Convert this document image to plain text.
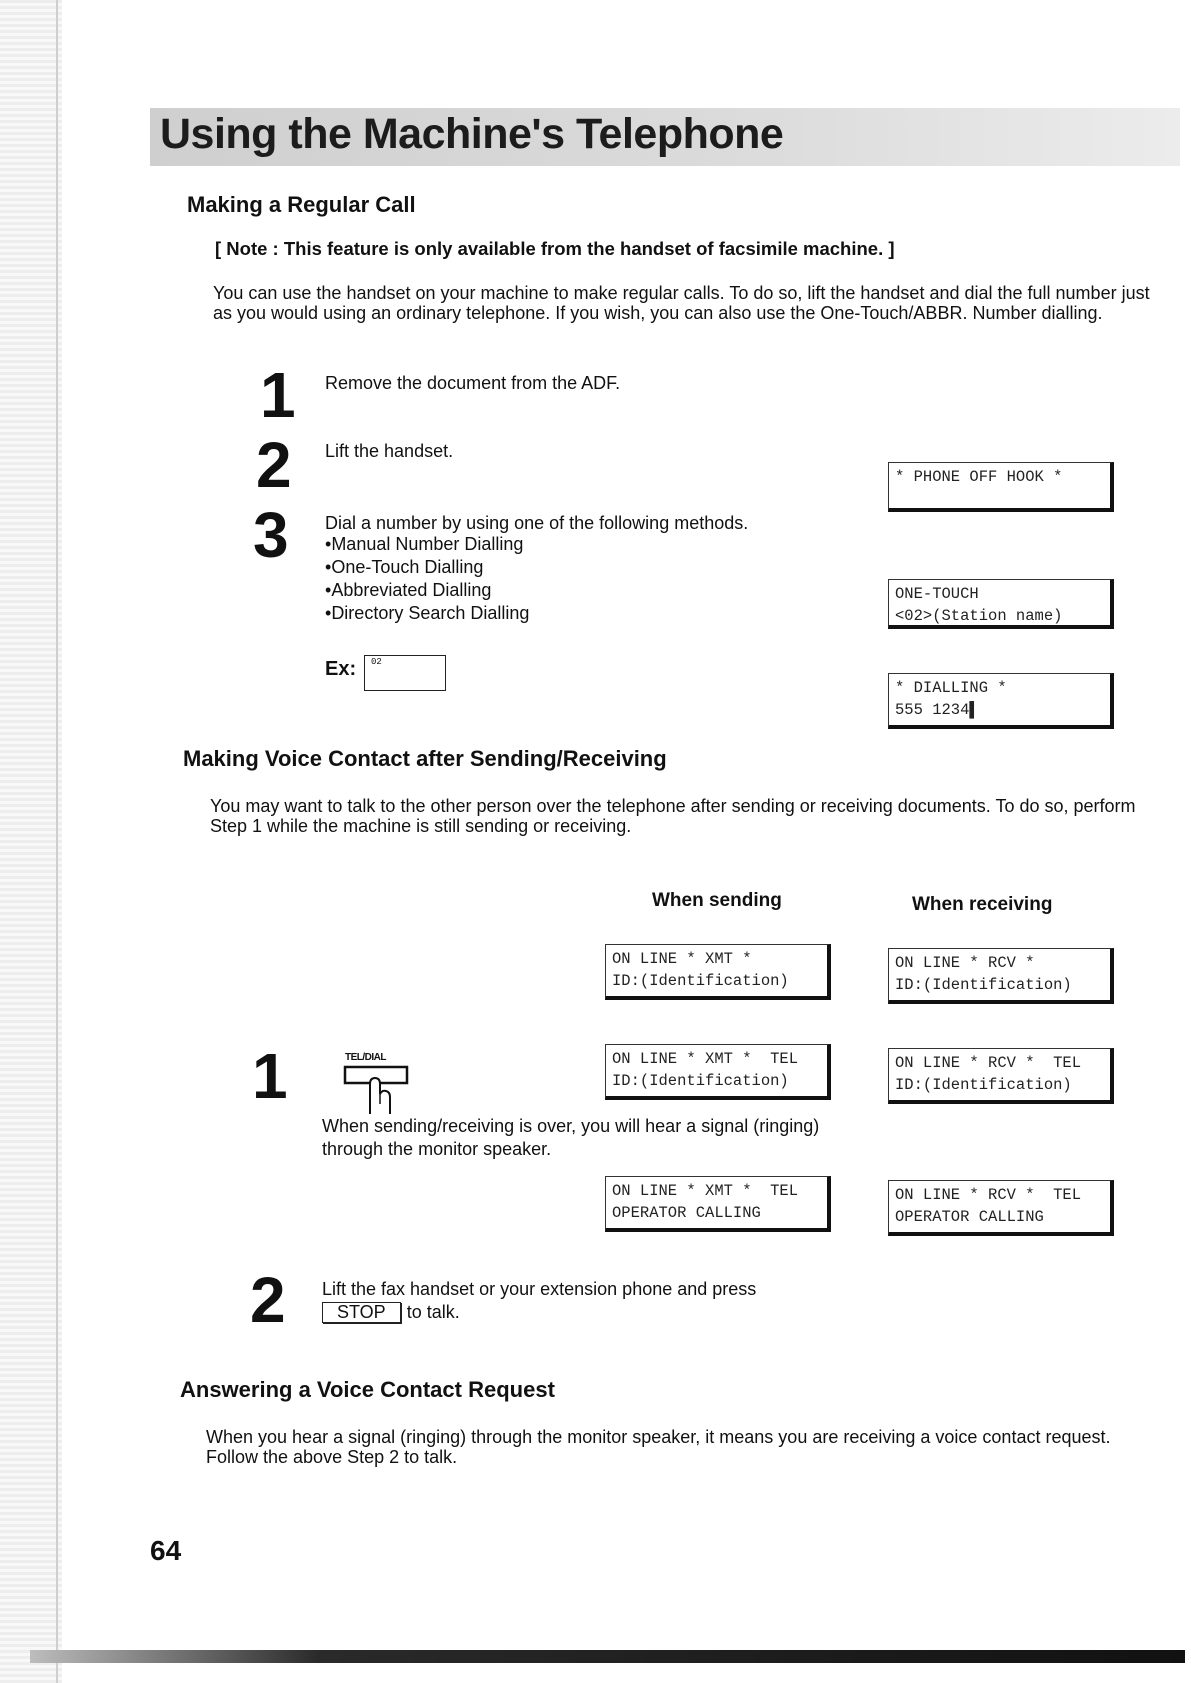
Using the Machine's Telephone
Making a Regular Call

[ Note : This feature is only available from the handset of facsimile machine. ]

You can use the handset on your machine to make regular calls. To do so, lift the handset and dial the full number just as you would using an ordinary telephone. If you wish, you can also use the One-Touch/ABBR. Number dialling.

1 Remove the document from the ADF.

2 Lift the handset.

3 Dial a number by using one of the following methods.

• Manual Number Dialling
• One-Touch Dialling
• Abbreviated Dialling
• Directory Search Dialling
Ex: 02
* PHONE OFF HOOK *
ONE-TOUCH
<02>(Station name)
* DIALLING *
555 1234▌
Making Voice Contact after Sending/Receiving

You may want to talk to the other person over the telephone after sending or receiving documents. To do so, perform Step 1 while the machine is still sending or receiving.

When sending	When receiving

ON LINE * XMT *
ID:(Identification)
ON LINE * RCV *
ID:(Identification)
1	TEL/DIAL

When sending/receiving is over, you will hear a signal (ringing) through the monitor speaker.

ON LINE * XMT *  TEL
ID:(Identification)
ON LINE * RCV *  TEL
ID:(Identification)
ON LINE * XMT *  TEL
OPERATOR CALLING
ON LINE * RCV *  TEL
OPERATOR CALLING
2 Lift the fax handset or your extension phone and press
STOP to talk.

Answering a Voice Contact Request

When you hear a signal (ringing) through the monitor speaker, it means you are receiving a voice contact request. Follow the above Step 2 to talk.

64
